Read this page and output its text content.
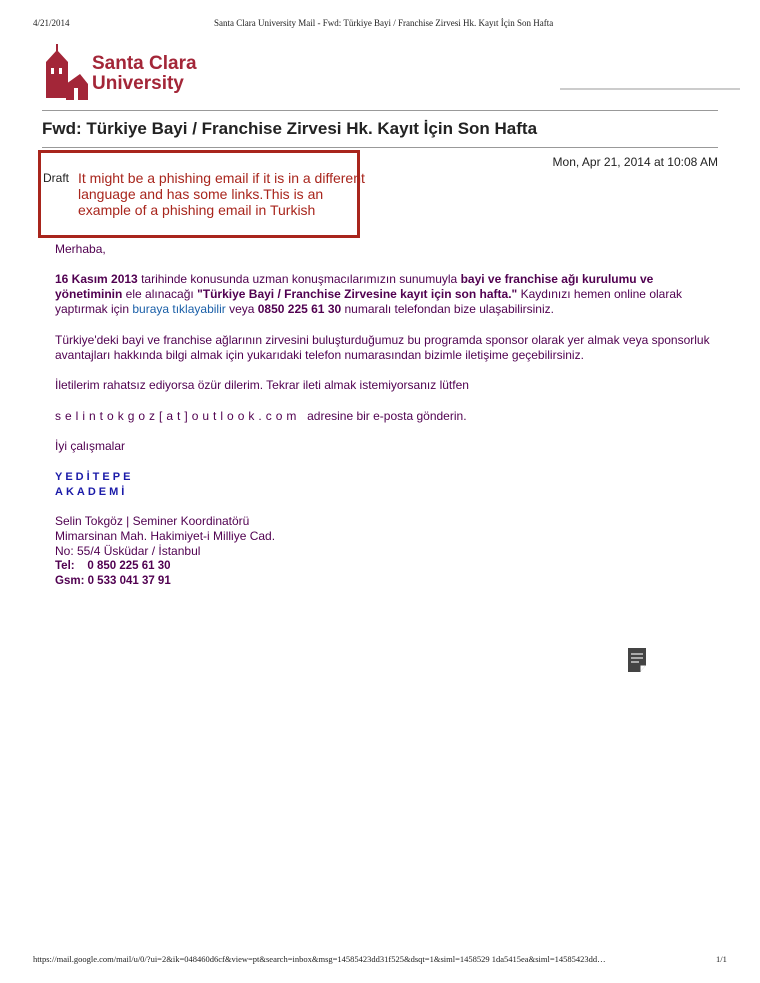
4/21/2014	Santa Clara University Mail - Fwd: Türkiye Bayi / Franchise Zirvesi Hk. Kayıt İçin Son Hafta
Santa Clara
University
Fwd: Türkiye Bayi / Franchise Zirvesi Hk. Kayıt İçin Son Hafta
Mon, Apr 21, 2014 at 10:08 AM
Draft It might be a phishing email if it is in a different language and has some links.This is an example of a phishing email in Turkish
Merhaba,
16 Kasım 2013 tarihinde konusunda uzman konuşmacılarımızın sunumuyla bayi ve franchise ağı kurulumu ve yönetiminin ele alınacağı "Türkiye Bayi / Franchise Zirvesine kayıt için son hafta." Kaydınızı hemen online olarak yaptırmak için buraya tıklayabilir veya 0850 225 61 30 numaralı telefondan bize ulaşabilirsiniz.
Türkiye'deki bayi ve franchise ağlarının zirvesini buluşturduğumuz bu programda sponsor olarak yer almak veya sponsorluk avantajları hakkında bilgi almak için yukarıdaki telefon numarasından bizimle iletişime geçebilirsiniz.
İletilerim rahatsız ediyorsa özür dilerim. Tekrar ileti almak istemiyorsanız lütfen
selintokgoz[at]outlook.com adresine bir e-posta gönderin.
İyi çalışmalar
YEDİTEPE
AKADEMİ
Selin Tokgöz | Seminer Koordinatörü
Mimarsinan Mah. Hakimiyet-i Milliye Cad.
No: 55/4 Üsküdar / İstanbul
Tel:    0 850 225 61 30
Gsm: 0 533 041 37 91
https://mail.google.com/mail/u/0/?ui=2&ik=048460d6cf&view=pt&search=inbox&msg=14585423dd31f525&dsqt=1&siml=1458529 1da5415ea&siml=14585423dd…	1/1
